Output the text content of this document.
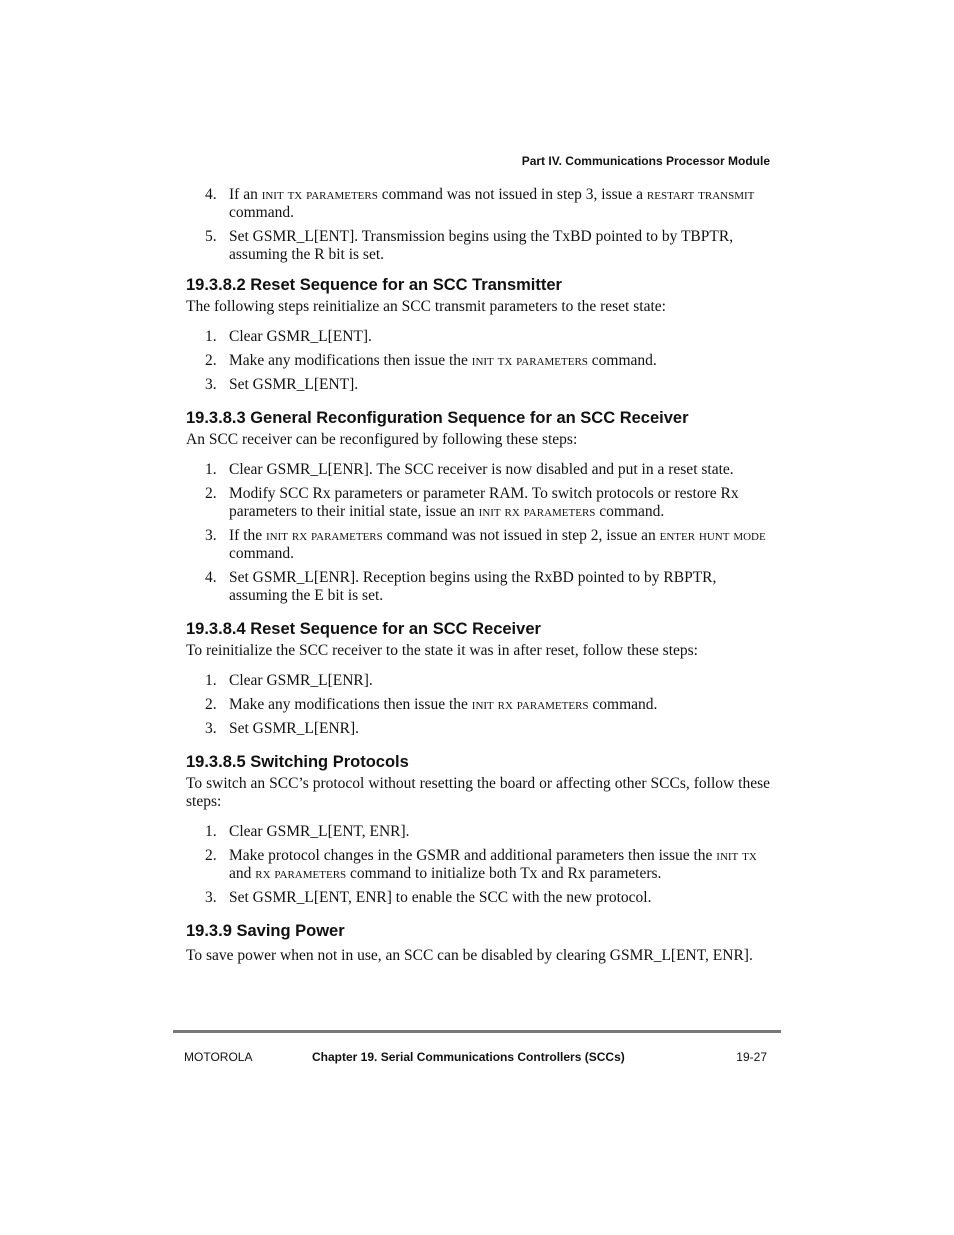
Part IV. Communications Processor Module
4. If an init tx parameters command was not issued in step 3, issue a restart transmit command.
5. Set GSMR_L[ENT]. Transmission begins using the TxBD pointed to by TBPTR, assuming the R bit is set.
19.3.8.2 Reset Sequence for an SCC Transmitter

The following steps reinitialize an SCC transmit parameters to the reset state:

1. Clear GSMR_L[ENT].
2. Make any modifications then issue the init tx parameters command.
3. Set GSMR_L[ENT].
19.3.8.3 General Reconfiguration Sequence for an SCC Receiver

An SCC receiver can be reconfigured by following these steps:

1. Clear GSMR_L[ENR]. The SCC receiver is now disabled and put in a reset state.
2. Modify SCC Rx parameters or parameter RAM. To switch protocols or restore Rx parameters to their initial state, issue an init rx parameters command.
3. If the init rx parameters command was not issued in step 2, issue an enter hunt mode command.
4. Set GSMR_L[ENR]. Reception begins using the RxBD pointed to by RBPTR, assuming the E bit is set.
19.3.8.4 Reset Sequence for an SCC Receiver

To reinitialize the SCC receiver to the state it was in after reset, follow these steps:

1. Clear GSMR_L[ENR].
2. Make any modifications then issue the init rx parameters command.
3. Set GSMR_L[ENR].
19.3.8.5 Switching Protocols

To switch an SCC’s protocol without resetting the board or affecting other SCCs, follow these steps:

1. Clear GSMR_L[ENT, ENR].
2. Make protocol changes in the GSMR and additional parameters then issue the init tx and rx parameters command to initialize both Tx and Rx parameters.
3. Set GSMR_L[ENT, ENR] to enable the SCC with the new protocol.
19.3.9 Saving Power

To save power when not in use, an SCC can be disabled by clearing GSMR_L[ENT, ENR].

MOTOROLA	Chapter 19. Serial Communications Controllers (SCCs)	19-27
